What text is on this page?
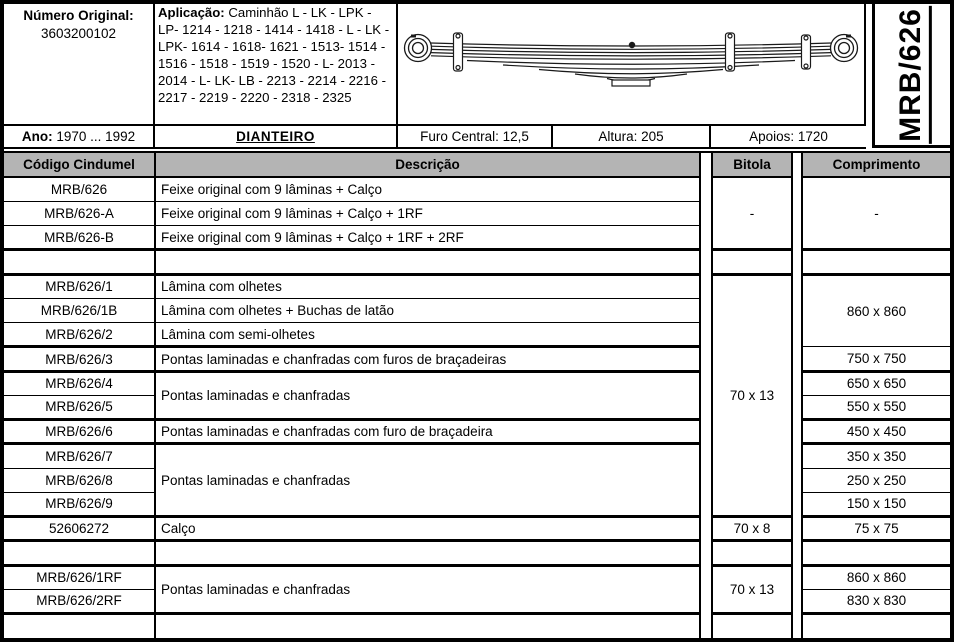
Número Original:
3603200102
Aplicação: Caminhão L - LK - LPK - LP- 1214 - 1218 - 1414 - 1418 - L - LK - LPK- 1614 - 1618- 1621 - 1513- 1514 - 1516 - 1518 - 1519 - 1520 - L- 2013 - 2014 - L- LK- LB - 2213 - 2214 - 2216 - 2217 - 2219 - 2220 - 2318 - 2325	MRB/626
Ano:
1970 ... 1992	DIANTEIRO	Furo Central: 12,5	Altura: 205	Apoios: 1720
Código Cindumel	Descrição		Bitola		Comprimento
MRB/626	Feixe original com 9 lâminas + Calço		-		-
MRB/626-A	Feixe original com 9 lâminas + Calço + 1RF				
MRB/626-B	Feixe original com 9 lâminas + Calço + 1RF + 2RF				

MRB/626/1	Lâmina com olhetes		70 x 13		860 x 860
MRB/626/1B	Lâmina com olhetes + Buchas de latão				
MRB/626/2	Lâmina com semi-olhetes				
MRB/626/3	Pontas laminadas e chanfradas com furos de braçadeiras				750 x 750
MRB/626/4	Pontas laminadas e chanfradas				650 x 650
MRB/626/5					550 x 550
MRB/626/6	Pontas laminadas e chanfradas com furo de braçadeira				450 x 450
MRB/626/7	Pontas laminadas e chanfradas				350 x 350
MRB/626/8					250 x 250
MRB/626/9					150 x 150
52606272	Calço		70 x 8		75 x 75

MRB/626/1RF	Pontas laminadas e chanfradas		70 x 13		860 x 860
MRB/626/2RF					830 x 830
